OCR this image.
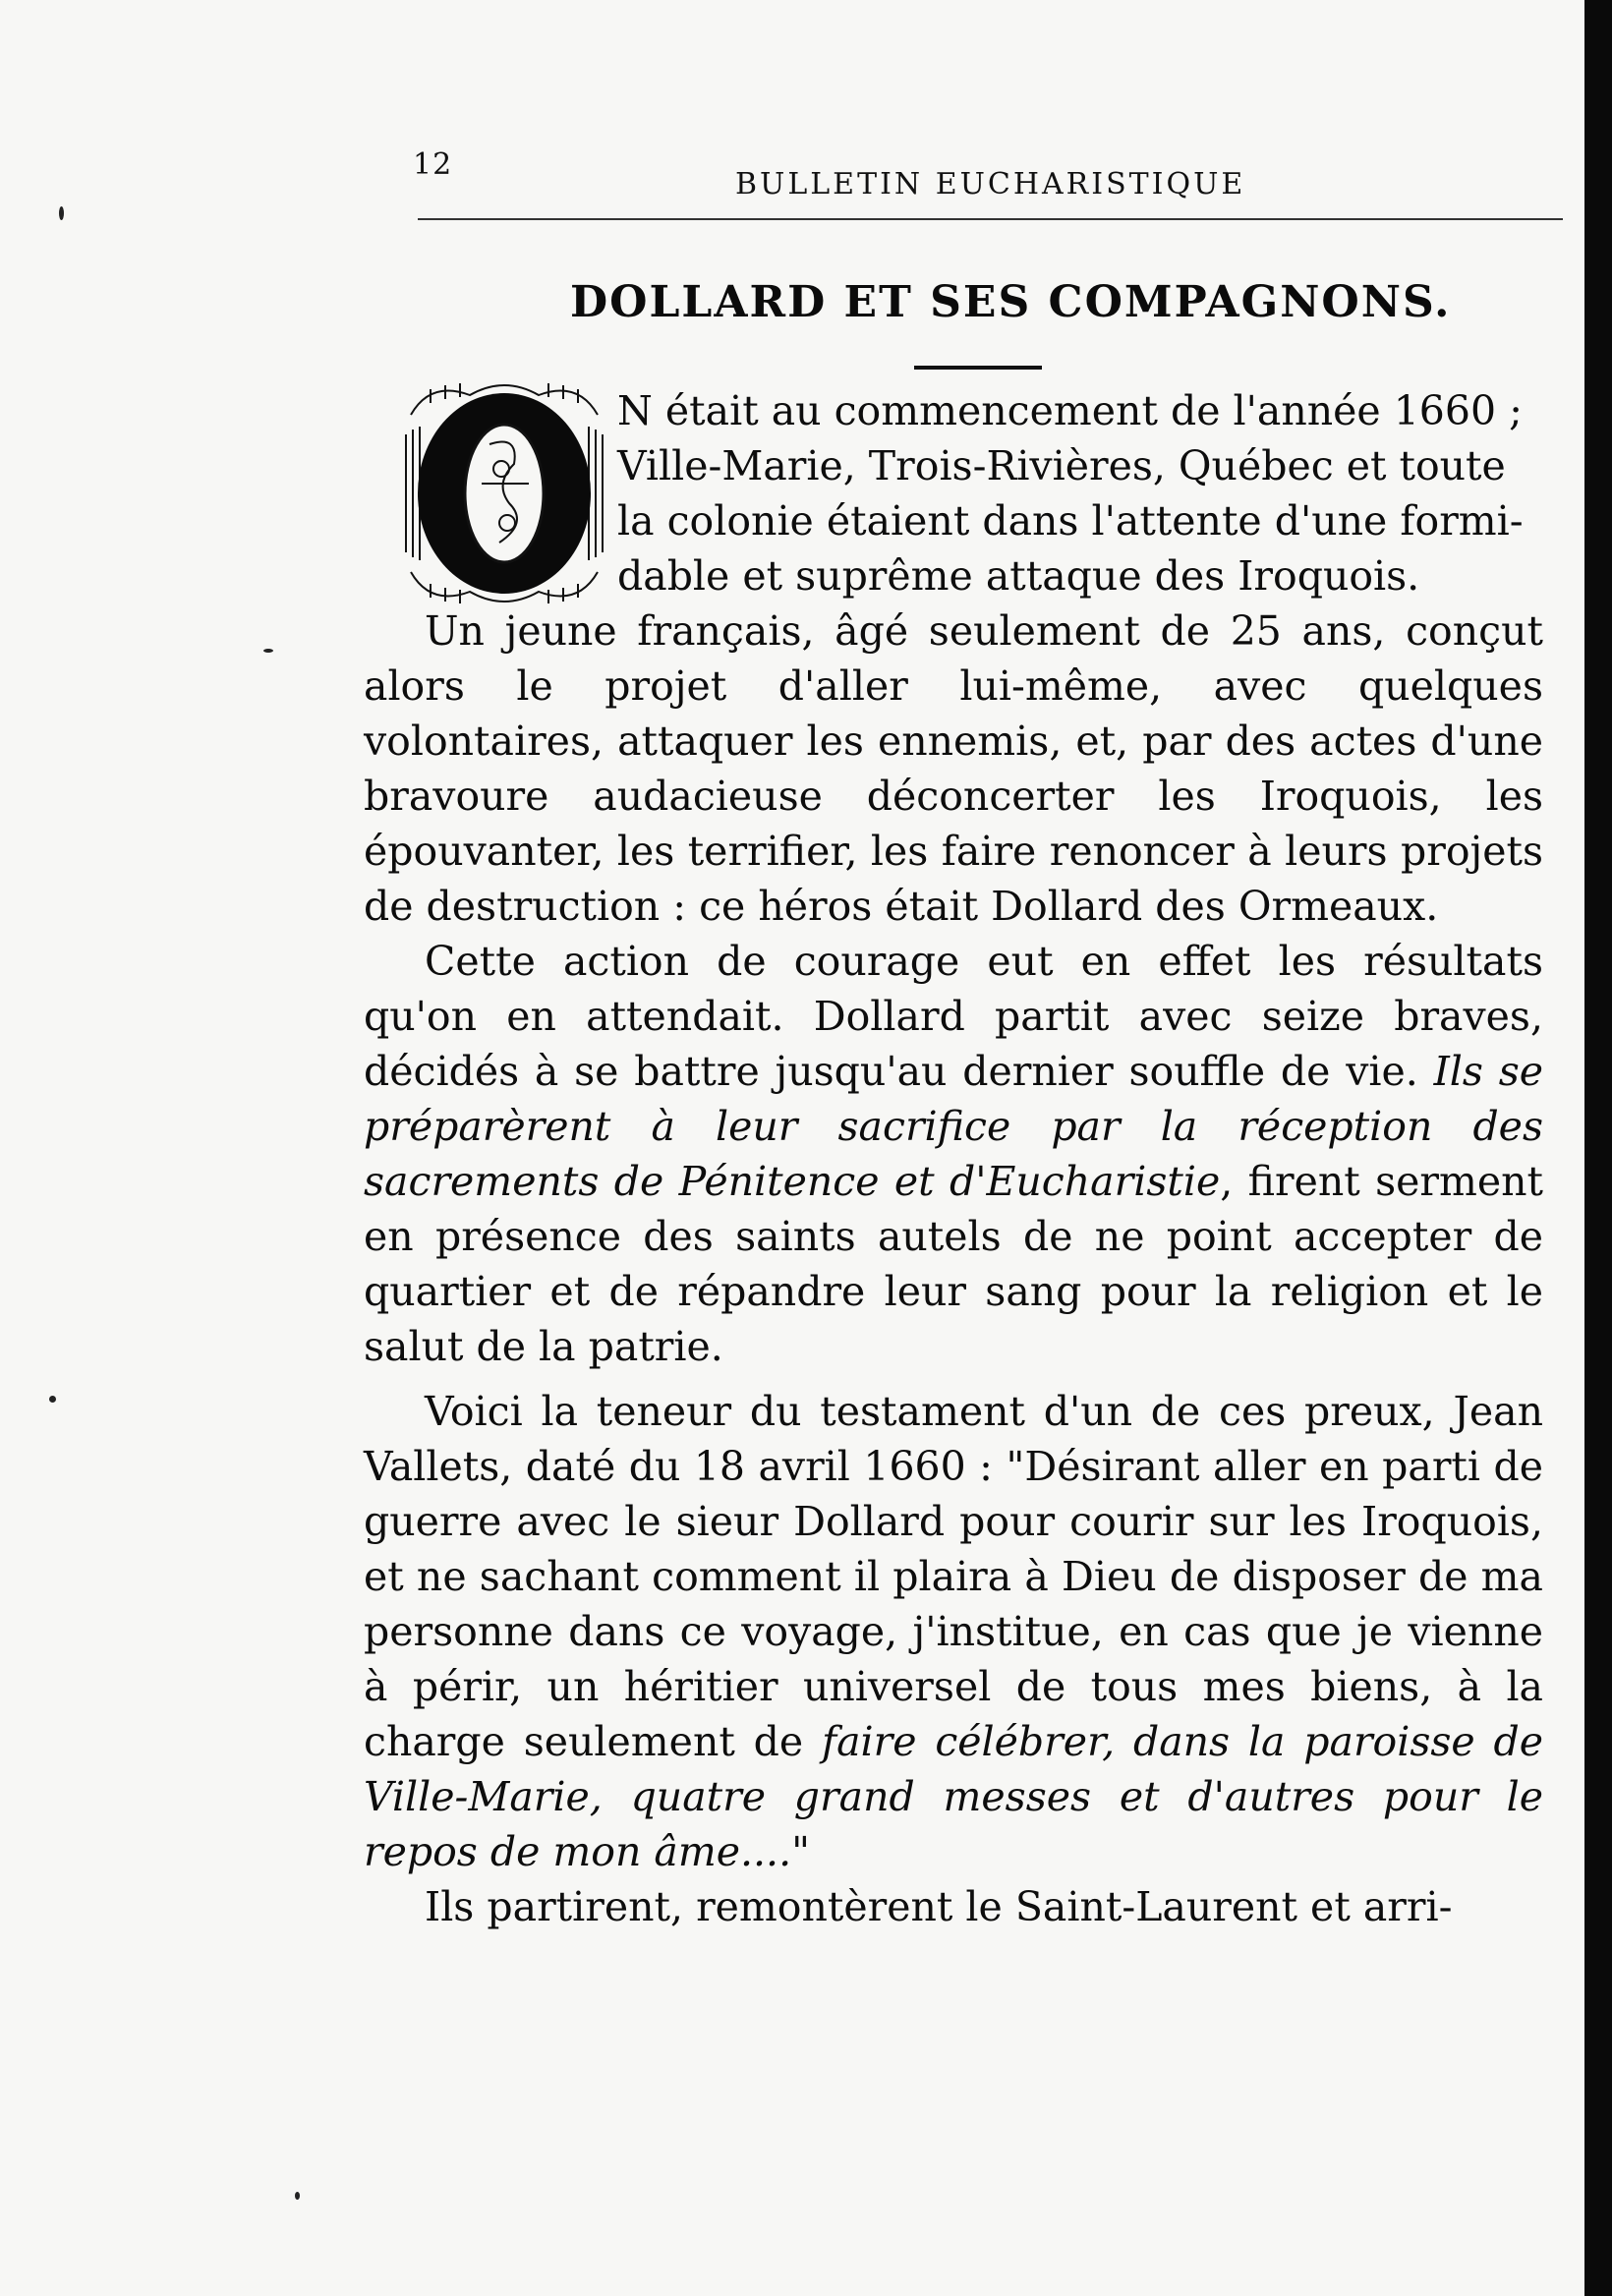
12
BULLETIN EUCHARISTIQUE
DOLLARD ET SES COMPAGNONS.

N était au commencement de l'année 1660 ;
Ville-Marie, Trois-Rivières, Québec et toute
la colonie étaient dans l'attente d'une formi-
dable et suprême attaque des Iroquois.

Un jeune français, âgé seulement de 25 ans, conçut alors le projet d'aller lui-même, avec quelques volontaires, attaquer les ennemis, et, par des actes d'une bravoure audacieuse déconcerter les Iroquois, les épouvanter, les terrifier, les faire renoncer à leurs projets de destruction : ce héros était Dollard des Ormeaux.

Cette action de courage eut en effet les résultats qu'on en attendait. Dollard partit avec seize braves, décidés à se battre jusqu'au dernier souffle de vie. Ils se préparèrent à leur sacrifice par la réception des sacrements de Pénitence et d'Eucharistie, firent serment en présence des saints autels de ne point accepter de quartier et de répandre leur sang pour la religion et le salut de la patrie.

Voici la teneur du testament d'un de ces preux, Jean Vallets, daté du 18 avril 1660 : "Désirant aller en parti de guerre avec le sieur Dollard pour courir sur les Iroquois, et ne sachant comment il plaira à Dieu de disposer de ma personne dans ce voyage, j'institue, en cas que je vienne à périr, un héritier universel de tous mes biens, à la charge seulement de faire célébrer, dans la paroisse de Ville-Marie, quatre grand messes et d'autres pour le repos de mon âme...."

Ils partirent, remontèrent le Saint-Laurent et arri-
